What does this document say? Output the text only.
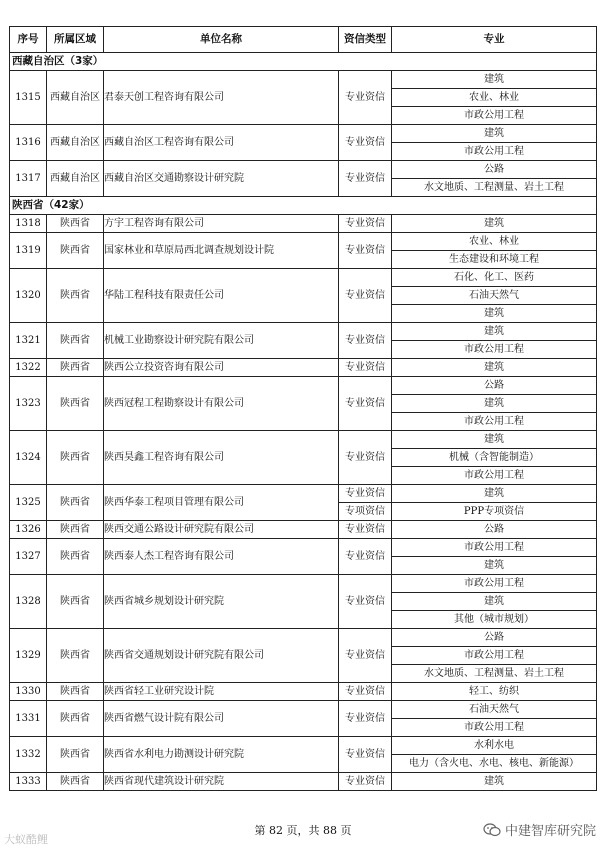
序号	所属区域	单位名称	资信类型	专业
西藏自治区（3家）				
1315	西藏自治区	君泰天创工程咨询有限公司	专业资信	建筑
				农业、林业
				市政公用工程
1316	西藏自治区	西藏自治区工程咨询有限公司	专业资信	建筑
				市政公用工程
1317	西藏自治区	西藏自治区交通勘察设计研究院	专业资信	公路
				水文地质、工程测量、岩土工程
陕西省（42家）				
1318	陕西省	方宇工程咨询有限公司	专业资信	建筑
1319	陕西省	国家林业和草原局西北调查规划设计院	专业资信	农业、林业
				生态建设和环境工程
1320	陕西省	华陆工程科技有限责任公司	专业资信	石化、化工、医药
				石油天然气
				建筑
1321	陕西省	机械工业勘察设计研究院有限公司	专业资信	建筑
				市政公用工程
1322	陕西省	陕西公立投资咨询有限公司	专业资信	建筑
1323	陕西省	陕西冠程工程勘察设计有限公司	专业资信	公路
				建筑
				市政公用工程
1324	陕西省	陕西昊鑫工程咨询有限公司	专业资信	建筑
				机械（含智能制造）
				市政公用工程
1325	陕西省	陕西华泰工程项目管理有限公司	专业资信	建筑
			专项资信	PPP专项资信
1326	陕西省	陕西交通公路设计研究院有限公司	专业资信	公路
1327	陕西省	陕西泰人杰工程咨询有限公司	专业资信	市政公用工程
				建筑
1328	陕西省	陕西省城乡规划设计研究院	专业资信	市政公用工程
				建筑
				其他（城市规划）
1329	陕西省	陕西省交通规划设计研究院有限公司	专业资信	公路
				市政公用工程
				水文地质、工程测量、岩土工程
1330	陕西省	陕西省轻工业研究设计院	专业资信	轻工、纺织
1331	陕西省	陕西省燃气设计院有限公司	专业资信	石油天然气
				市政公用工程
1332	陕西省	陕西省水利电力勘测设计研究院	专业资信	水利水电
				电力（含火电、水电、核电、新能源）
1333	陕西省	陕西省现代建筑设计研究院	专业资信	建筑
第 82 页，共 88 页
大蚁酷鲤
中建智库研究院
